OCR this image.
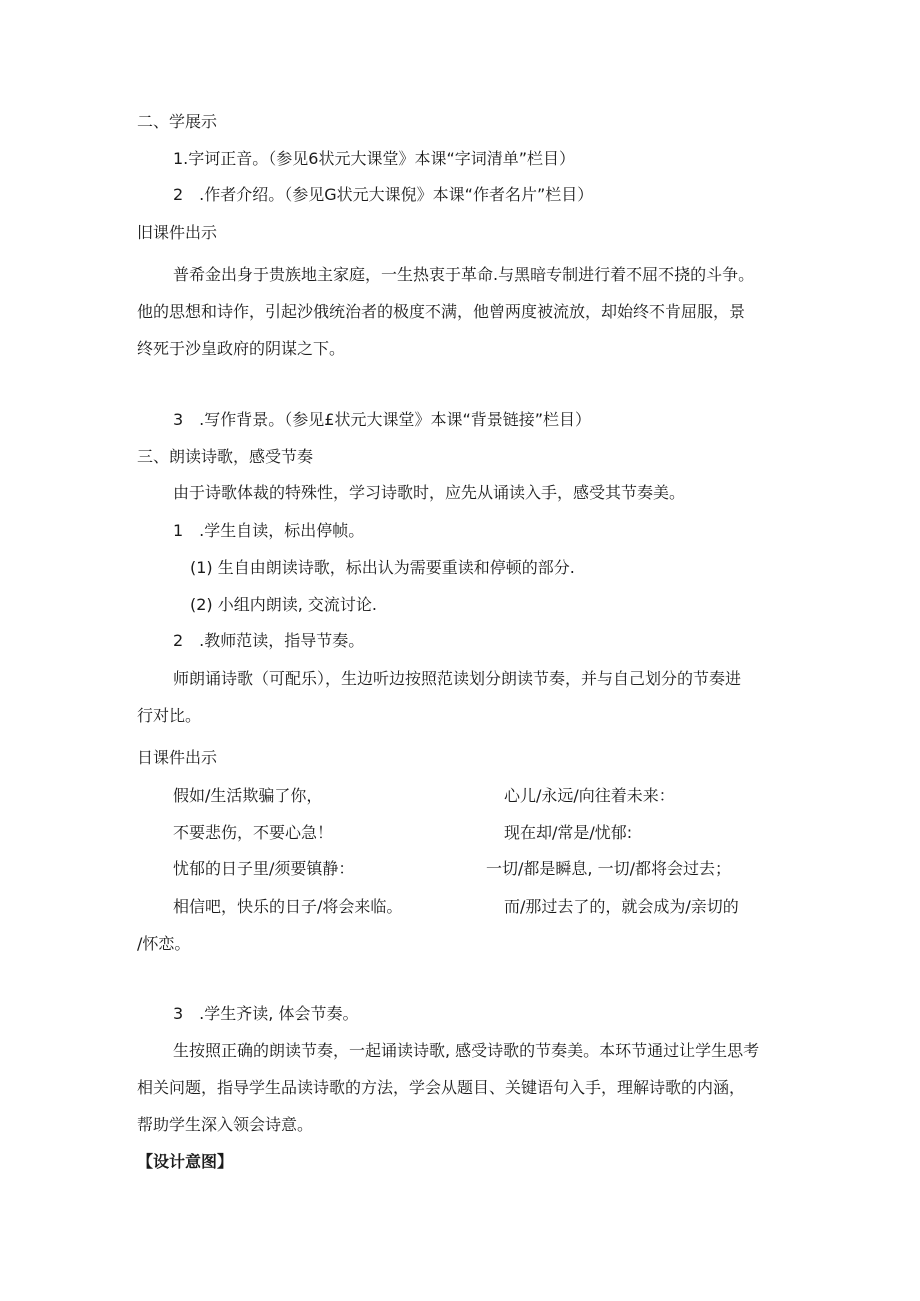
二、学展示
1.字诃正音。（参见6状元大课堂》本课“字词清单”栏目）
2　.作者介绍。（参见G状元大课倪》本课“作者名片”栏目）
旧课件出示
普希金出身于贵族地主家庭，一生热衷于革命.与黑暗专制进行着不屈不挠的斗争。
他的思想和诗作，引起沙俄统治者的极度不满，他曾两度被流放，却始终不肯屈服，景
终死于沙皇政府的阴谋之下。
3　.写作背景。（参见£状元大课堂》本课“背景链接”栏目）
三、朗读诗歌，感受节奏
由于诗歌体裁的特殊性，学习诗歌时，应先从诵读入手，感受其节奏美。
1　.学生自读，标出停帧。
(1) 生自由朗读诗歌，标出认为需要重读和停顿的部分.
(2) 小组内朗读, 交流讨论.
2　.教师范读，指导节奏。
师朗诵诗歌（可配乐），生边听边按照范读划分朗读节奏，并与自己划分的节奏进
行对比。
日课件出示
假如/生活欺骗了你，	心儿/永远/向往着未来：
不要悲伤，不要心急！	现在却/常是/忧郁:
忧郁的日子里/须要镇静：	一切/都是瞬息, 一切/都将会过去；
相信吧，快乐的日子/将会来临。	而/那过去了的，就会成为/亲切的
/怀恋。
3　.学生齐读, 体会节奏。
生按照正确的朗读节奏，一起诵读诗歌, 感受诗歌的节奏美。本环节通过让学生思考
相关问题，指导学生品读诗歌的方法，学会从题目、关键语句入手，理解诗歌的内涵，
帮助学生深入领会诗意。
【设计意图】
